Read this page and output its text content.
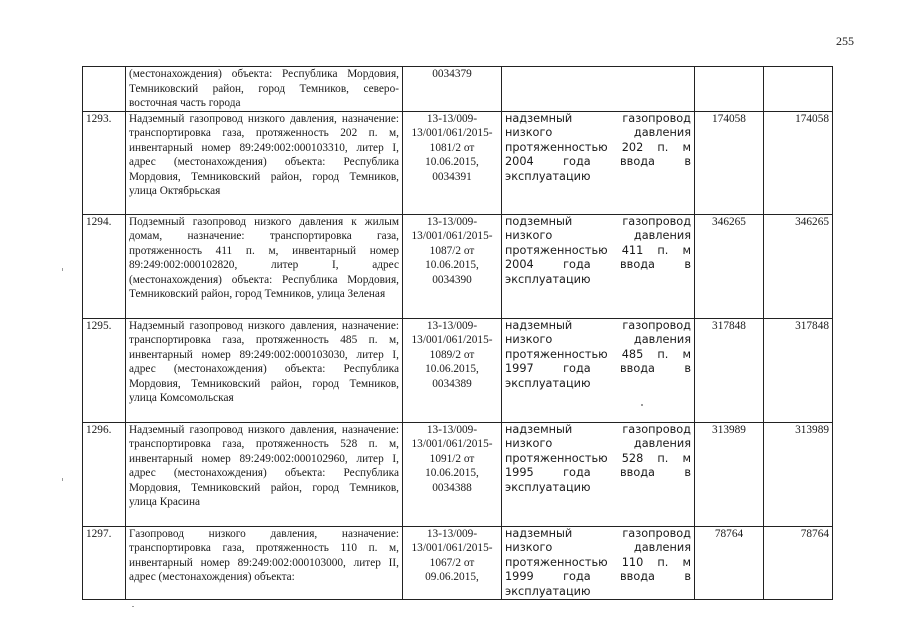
255
	(местонахождения) объекта: Республика Мордовия, Темниковский район, город Темников, северо-восточная часть города	0034379			
1293.	Надземный газопровод низкого давления, назначение: транспортировка газа, протяженность 202 п. м, инвентарный номер 89:249:002:000103310, литер I, адрес (местонахождения) объекта: Республика Мордовия, Темниковский район, город Темников, улица Октябрьская	13-13/009-13/001/061/2015-1081/2 от 10.06.2015, 0034391	надземный газопровод низкого давления протяженностью 202 п. м 2004 года ввода в эксплуатацию	174058	174058
1294.	Подземный газопровод низкого давления к жилым домам, назначение: транспортировка газа, протяженность 411 п. м, инвентарный номер 89:249:002:000102820, литер I, адрес (местонахождения) объекта: Республика Мордовия, Темниковский район, город Темников, улица Зеленая	13-13/009-13/001/061/2015-1087/2 от 10.06.2015, 0034390	подземный газопровод низкого давления протяженностью 411 п. м 2004 года ввода в эксплуатацию	346265	346265
1295.	Надземный газопровод низкого давления, назначение: транспортировка газа, протяженность 485 п. м, инвентарный номер 89:249:002:000103030, литер I, адрес (местонахождения) объекта: Республика Мордовия, Темниковский район, город Темников, улица Комсомольская	13-13/009-13/001/061/2015-1089/2 от 10.06.2015, 0034389	надземный газопровод низкого давления протяженностью 485 п. м 1997 года ввода в эксплуатацию	317848	317848
1296.	Надземный газопровод низкого давления, назначение: транспортировка газа, протяженность 528 п. м, инвентарный номер 89:249:002:000102960, литер I, адрес (местонахождения) объекта: Республика Мордовия, Темниковский район, город Темников, улица Красина	13-13/009-13/001/061/2015-1091/2 от 10.06.2015, 0034388	надземный газопровод низкого давления протяженностью 528 п. м 1995 года ввода в эксплуатацию	313989	313989
1297.	Газопровод низкого давления, назначение: транспортировка газа, протяженность 110 п. м, инвентарный номер 89:249:002:000103000, литер II, адрес (местонахождения) объекта:	13-13/009-13/001/061/2015-1067/2 от 09.06.2015,	надземный газопровод низкого давления протяженностью 110 п. м 1999 года ввода в эксплуатацию	78764	78764
